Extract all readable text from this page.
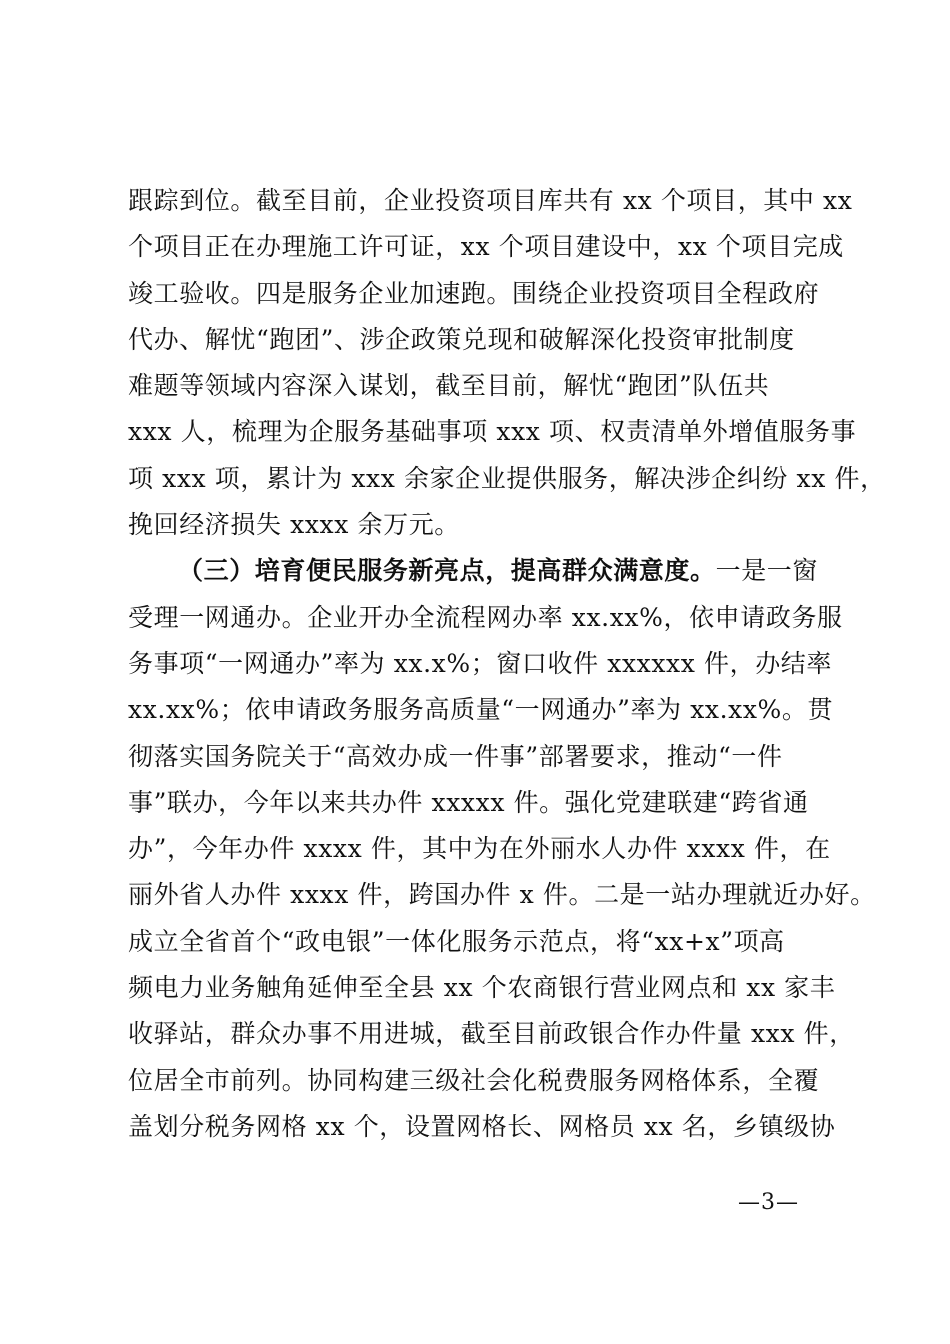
跟踪到位。截至目前，企业投资项目库共有 xx 个项目，其中 xx
个项目正在办理施工许可证，xx 个项目建设中，xx 个项目完成
竣工验收。四是服务企业加速跑。围绕企业投资项目全程政府
代办、解忧“跑团”、涉企政策兑现和破解深化投资审批制度
难题等领域内容深入谋划，截至目前，解忧“跑团”队伍共
xxx 人，梳理为企服务基础事项 xxx 项、权责清单外增值服务事
项 xxx 项，累计为 xxx 余家企业提供服务，解决涉企纠纷 xx 件，
挽回经济损失 xxxx 余万元。
（三）培育便民服务新亮点，提高群众满意度。一是一窗
受理一网通办。企业开办全流程网办率 xx.xx%，依申请政务服
务事项“一网通办”率为 xx.x%；窗口收件 xxxxxx 件，办结率
xx.xx%；依申请政务服务高质量“一网通办”率为 xx.xx%。贯
彻落实国务院关于“高效办成一件事”部署要求，推动“一件
事”联办，今年以来共办件 xxxxx 件。强化党建联建“跨省通
办”，今年办件 xxxx 件，其中为在外丽水人办件 xxxx 件，在
丽外省人办件 xxxx 件，跨国办件 x 件。二是一站办理就近办好。
成立全省首个“政电银”一体化服务示范点，将“xx+x”项高
频电力业务触角延伸至全县 xx 个农商银行营业网点和 xx 家丰
收驿站，群众办事不用进城，截至目前政银合作办件量 xxx 件，
位居全市前列。协同构建三级社会化税费服务网格体系，全覆
盖划分税务网格 xx 个，设置网格长、网格员 xx 名，乡镇级协
—3—
